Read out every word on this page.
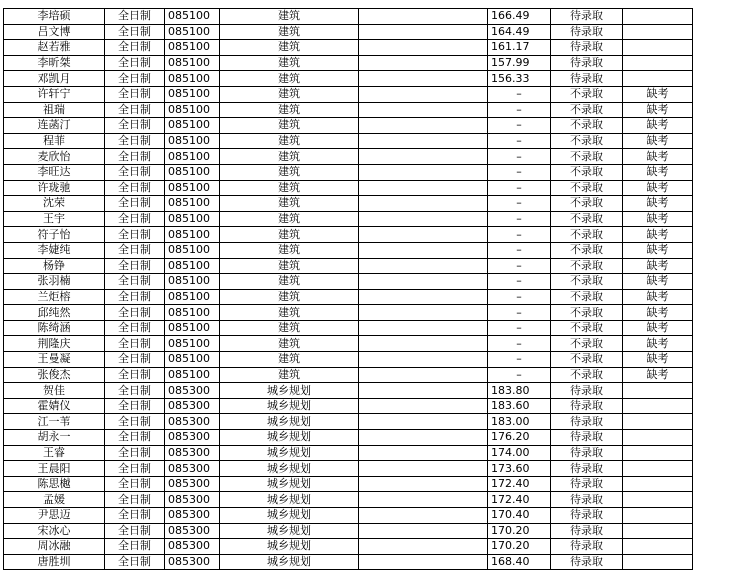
李培硕	全日制	085100	建筑		166.49	待录取	
吕文博	全日制	085100	建筑		164.49	待录取	
赵若雅	全日制	085100	建筑		161.17	待录取	
李昕桀	全日制	085100	建筑		157.99	待录取	
邓凯月	全日制	085100	建筑		156.33	待录取	
许轩宁	全日制	085100	建筑		–	不录取	缺考
祖瑞	全日制	085100	建筑		–	不录取	缺考
连菡汀	全日制	085100	建筑		–	不录取	缺考
程菲	全日制	085100	建筑		–	不录取	缺考
麦欣怡	全日制	085100	建筑		–	不录取	缺考
李旺达	全日制	085100	建筑		–	不录取	缺考
许珑驰	全日制	085100	建筑		–	不录取	缺考
沈荣	全日制	085100	建筑		–	不录取	缺考
王宇	全日制	085100	建筑		–	不录取	缺考
符子怡	全日制	085100	建筑		–	不录取	缺考
李婕纯	全日制	085100	建筑		–	不录取	缺考
杨铮	全日制	085100	建筑		–	不录取	缺考
张羽楠	全日制	085100	建筑		–	不录取	缺考
兰炬榕	全日制	085100	建筑		–	不录取	缺考
邱纯然	全日制	085100	建筑		–	不录取	缺考
陈绮涵	全日制	085100	建筑		–	不录取	缺考
荆隆庆	全日制	085100	建筑		–	不录取	缺考
王曼凝	全日制	085100	建筑		–	不录取	缺考
张俊杰	全日制	085100	建筑		–	不录取	缺考
贺佳	全日制	085300	城乡规划		183.80	待录取	
霍婧仪	全日制	085300	城乡规划		183.60	待录取	
江一苇	全日制	085300	城乡规划		183.00	待录取	
胡永一	全日制	085300	城乡规划		176.20	待录取	
王睿	全日制	085300	城乡规划		174.00	待录取	
王晨阳	全日制	085300	城乡规划		173.60	待录取	
陈思樾	全日制	085300	城乡规划		172.40	待录取	
孟媛	全日制	085300	城乡规划		172.40	待录取	
尹思迈	全日制	085300	城乡规划		170.40	待录取	
宋冰心	全日制	085300	城乡规划		170.20	待录取	
周冰融	全日制	085300	城乡规划		170.20	待录取	
唐胜圳	全日制	085300	城乡规划		168.40	待录取	
